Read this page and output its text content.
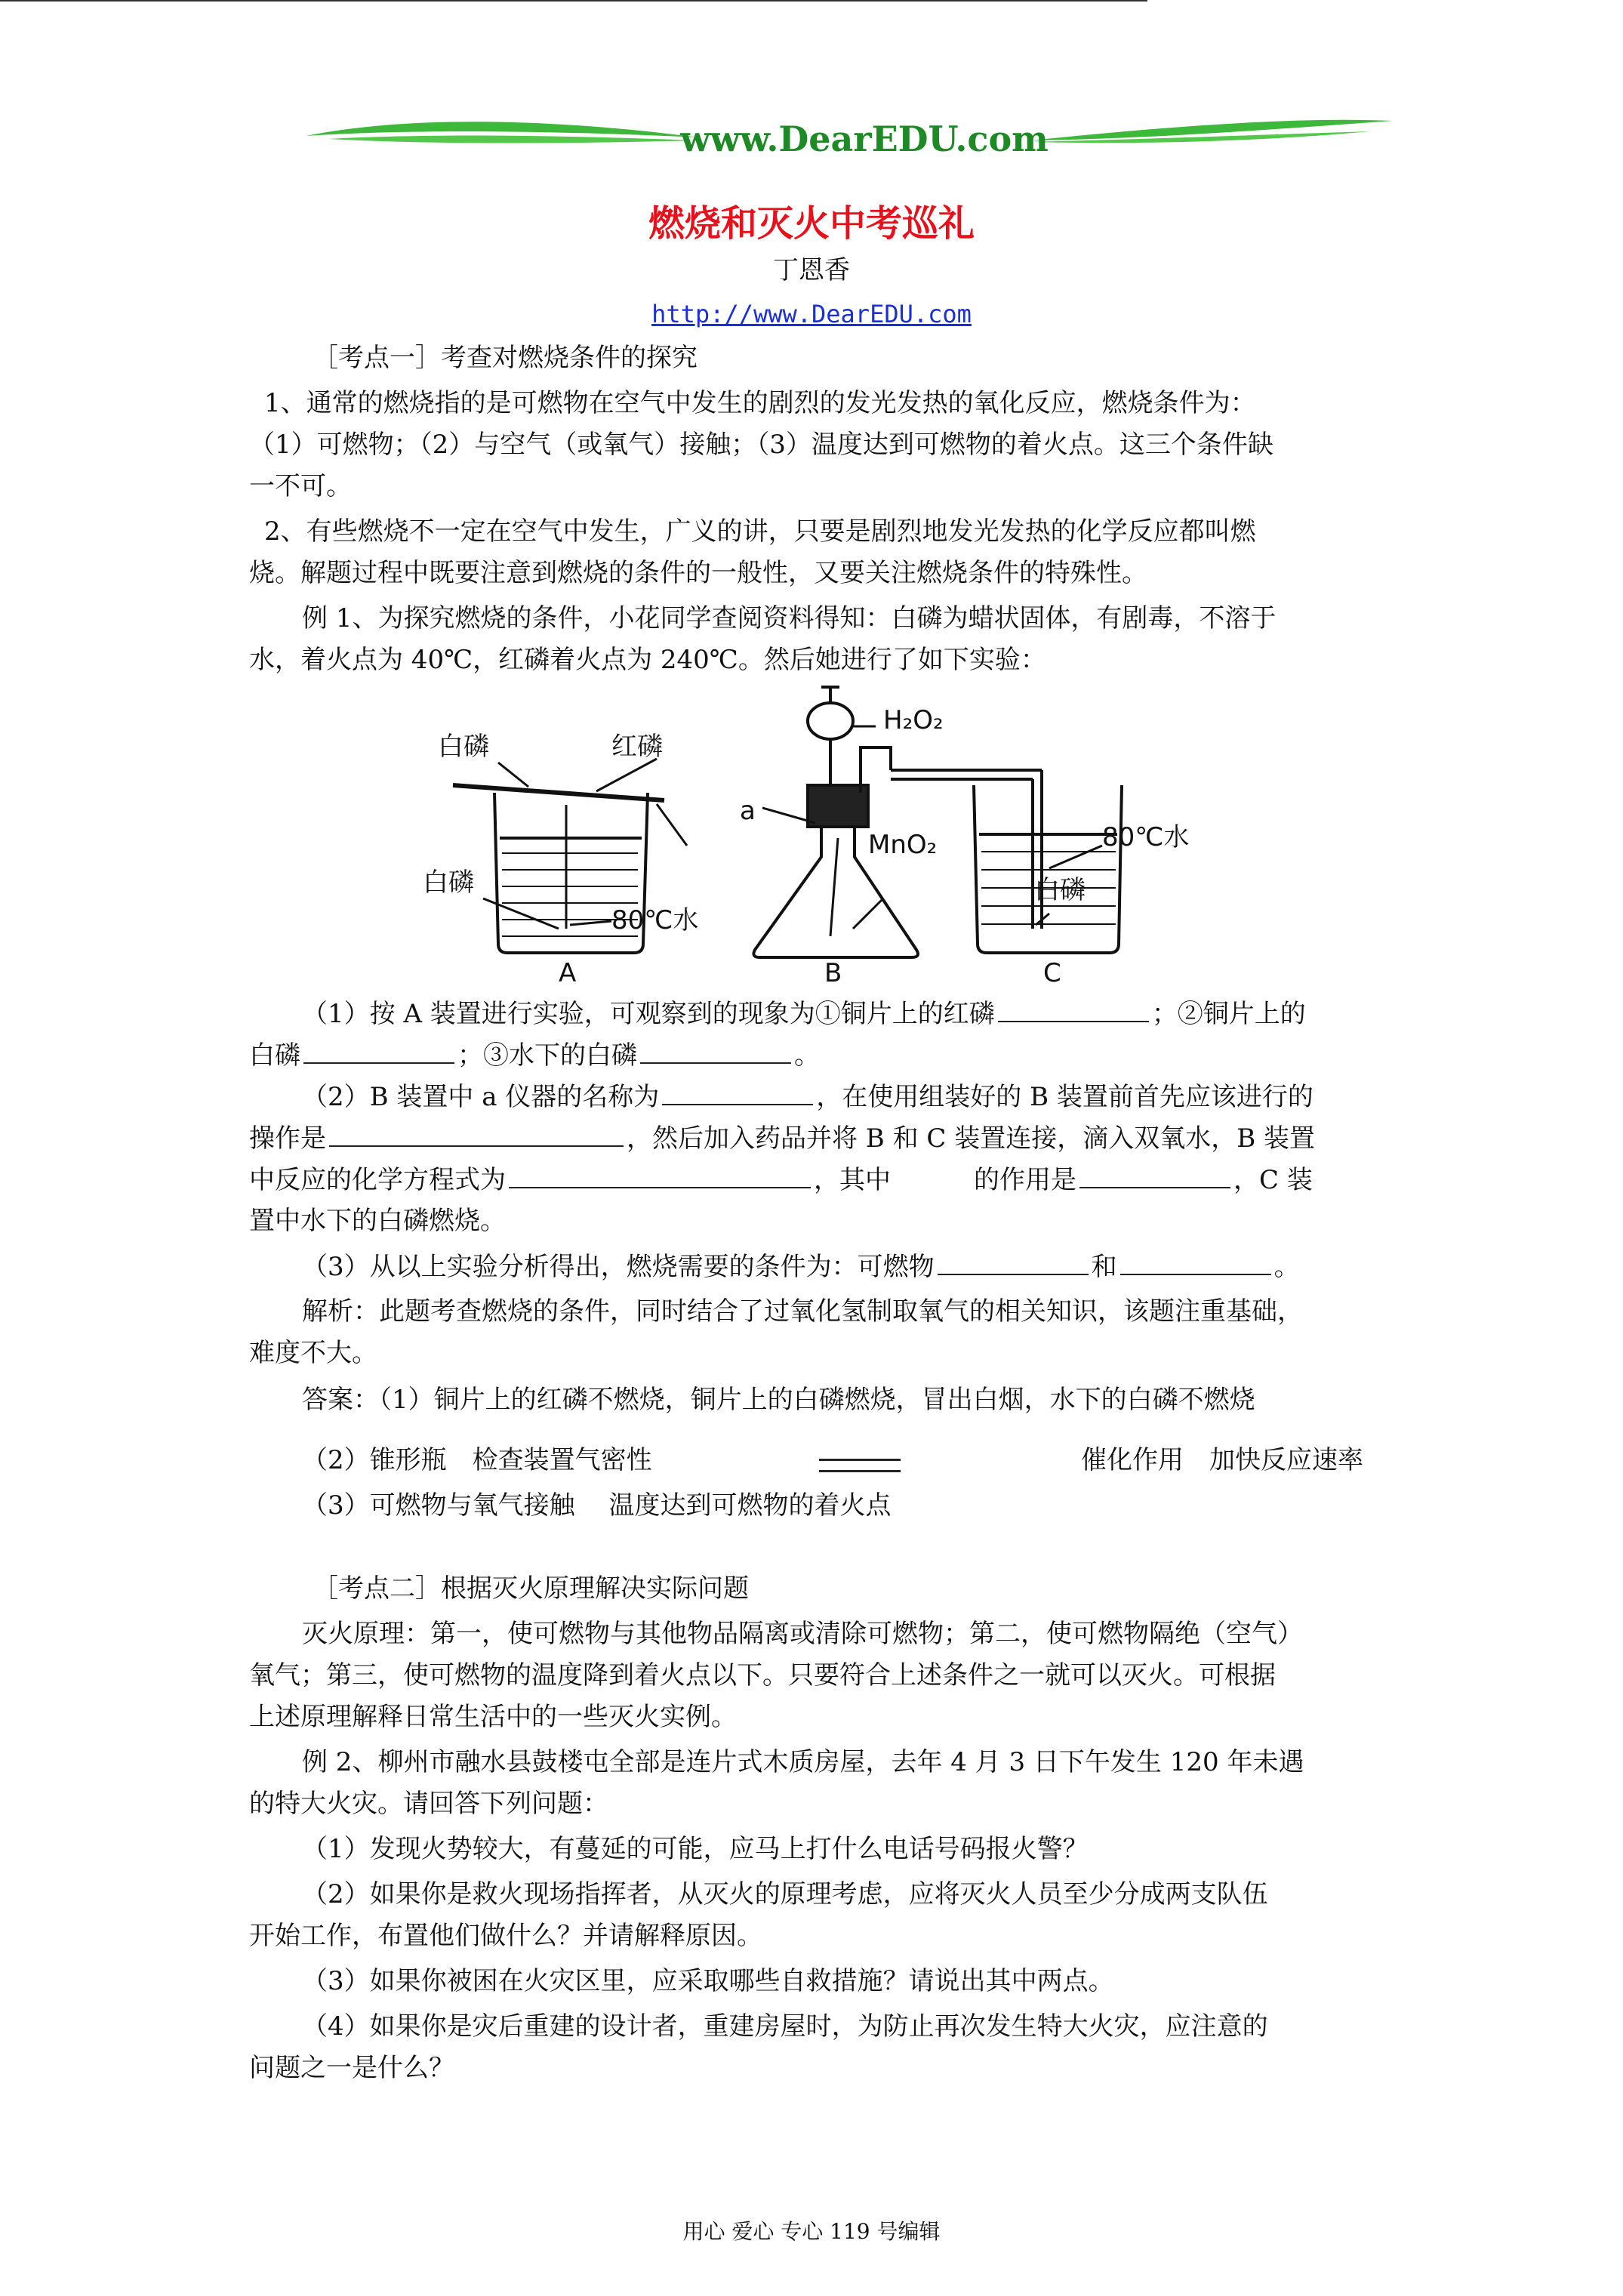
www.DearEDU.com
燃烧和灭火中考巡礼
丁恩香
http://www.DearEDU.com
［考点一］考查对燃烧条件的探究
1、通常的燃烧指的是可燃物在空气中发生的剧烈的发光发热的氧化反应，燃烧条件为：
（1）可燃物；（2）与空气（或氧气）接触；（3）温度达到可燃物的着火点。这三个条件缺
一不可。
2、有些燃烧不一定在空气中发生，广义的讲，只要是剧烈地发光发热的化学反应都叫燃
烧。解题过程中既要注意到燃烧的条件的一般性，又要关注燃烧条件的特殊性。
例 1、为探究燃烧的条件，小花同学查阅资料得知：白磷为蜡状固体，有剧毒，不溶于
水，着火点为 40℃，红磷着火点为 240℃。然后她进行了如下实验：
白磷	红磷
白磷
80℃水
A
H₂O₂
a
MnO₂
B
80℃水
白磷
C
（1）按 A 装置进行实验，可观察到的现象为①铜片上的红磷	；②铜片上的
白磷	；③水下的白磷	。
（2）B 装置中 a 仪器的名称为	，在使用组装好的 B 装置前首先应该进行的
操作是	，然后加入药品并将 B 和 C 装置连接，滴入双氧水，B 装置
中反应的化学方程式为	，其中	的作用是	，C 装
置中水下的白磷燃烧。
（3）从以上实验分析得出，燃烧需要的条件为：可燃物	和	。
解析：此题考查燃烧的条件，同时结合了过氧化氢制取氧气的相关知识，该题注重基础，
难度不大。
答案：（1）铜片上的红磷不燃烧，铜片上的白磷燃烧，冒出白烟，水下的白磷不燃烧
（2）锥形瓶　检查装置气密性	催化作用　加快反应速率
（3）可燃物与氧气接触　 温度达到可燃物的着火点
［考点二］根据灭火原理解决实际问题
灭火原理：第一，使可燃物与其他物品隔离或清除可燃物；第二，使可燃物隔绝（空气）
氧气；第三，使可燃物的温度降到着火点以下。只要符合上述条件之一就可以灭火。可根据
上述原理解释日常生活中的一些灭火实例。
例 2、柳州市融水县鼓楼屯全部是连片式木质房屋，去年 4 月 3 日下午发生 120 年未遇
的特大火灾。请回答下列问题：
（1）发现火势较大，有蔓延的可能，应马上打什么电话号码报火警？
（2）如果你是救火现场指挥者，从灭火的原理考虑，应将灭火人员至少分成两支队伍
开始工作，布置他们做什么？并请解释原因。
（3）如果你被困在火灾区里，应采取哪些自救措施？请说出其中两点。
（4）如果你是灾后重建的设计者，重建房屋时，为防止再次发生特大火灾，应注意的
问题之一是什么？
用心 爱心 专心 119 号编辑
